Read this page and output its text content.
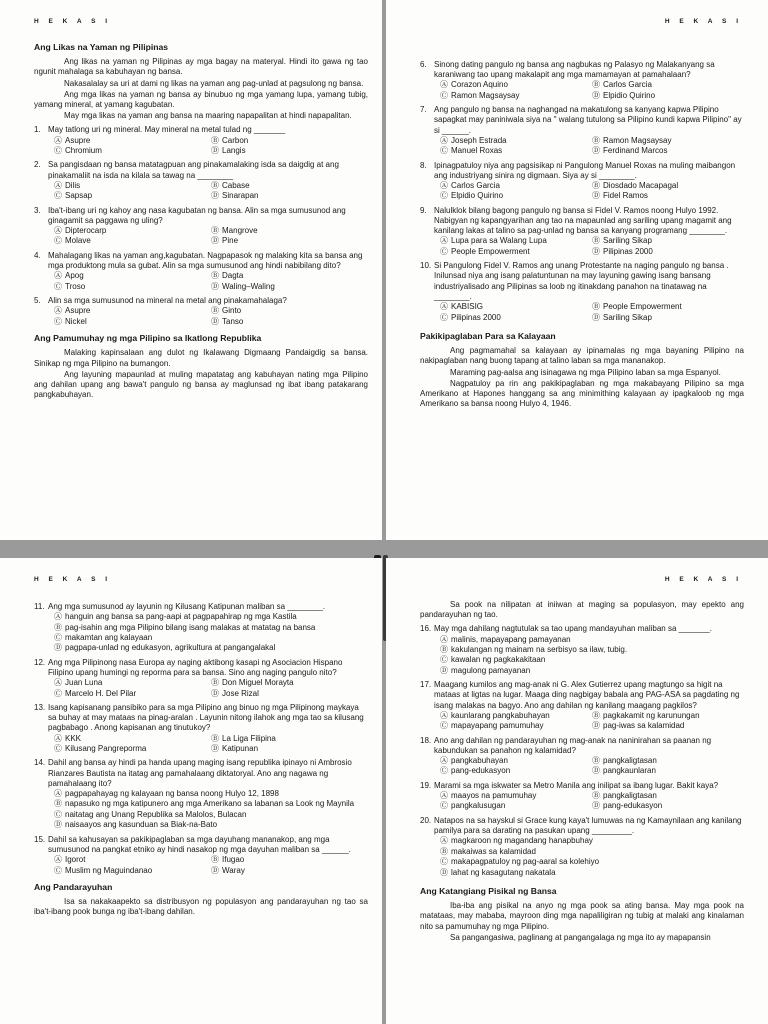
H E K A S I
Ang Likas na Yaman ng Pilipinas

Ang likas na yaman ng Pilipinas ay mga bagay na materyal. Hindi ito gawa ng tao ngunit mahalaga sa kabuhayan ng bansa.

Nakasalalay sa uri at dami ng likas na yaman ang pag-unlad at pagsulong ng bansa.

Ang mga likas na yaman ng bansa ay binubuo ng mga yamang lupa, yamang tubig, yamang mineral, at yamang kagubatan.

May mga likas na yaman ang bansa na maaring napapalitan at hindi napapalitan.

1. May tatlong uri ng mineral. May mineral na metal tulad ng _______
Ⓐ Asupre	Ⓑ Carbon
Ⓒ Chromium	Ⓓ Langis
2. Sa pangisdaan ng bansa matatagpuan ang pinakamalaking isda sa daigdig at ang pinakamaliit na isda na kilala sa tawag na ________
Ⓐ Dilis	Ⓑ Cabase
Ⓒ Sapsap	Ⓓ Sinarapan
3. Iba't-ibang uri ng kahoy ang nasa kagubatan ng bansa. Alin sa mga sumusunod ang ginagamit sa paggawa ng uling?
Ⓐ Dipterocarp	Ⓑ Mangrove
Ⓒ Molave	Ⓓ Pine
4. Mahalagang likas na yaman ang,kagubatan. Nagpapasok ng malaking kita sa bansa ang mga produktong mula sa gubat. Alin sa mga sumusunod ang hindi nabibilang dito?
Ⓐ Apog	Ⓑ Dagta
Ⓒ Troso	Ⓓ Waling–Waling
5. Alin sa mga sumusunod na mineral na metal ang pinakamahalaga?
Ⓐ Asupre	Ⓑ Ginto
Ⓒ Nickel	Ⓓ Tanso
Ang Pamumuhay ng mga Pilipino sa Ikatlong Republika

Malaking kapinsalaan ang dulot ng Ikalawang Digmaang Pandaigdig sa bansa. Sinikap ng mga Pilipino na bumangon.

Ang layuning mapaunlad at muling mapatatag ang kabuhayan nating mga Pilipino ang dahilan upang ang bawa't pangulo ng bansa ay maglunsad ng ibat ibang patakarang pangkabuhayan.

H E K A S I
6. Sinong dating pangulo ng bansa ang nagbukas ng Palasyo ng Malakanyang sa karaniwang tao upang makalapit ang mga mamamayan at pamahalaan?
Ⓐ Corazon Aquino	Ⓑ Carlos Garcia
Ⓒ Ramon Magsaysay	Ⓓ Elpidio Quirino
7. Ang pangulo ng bansa na naghangad na makatulong sa kanyang kapwa Pilipino sapagkat may paniniwala siya na " walang tutulong sa Pilipino kundi kapwa Pilipino" ay si ______.
Ⓐ Joseph Estrada	Ⓑ Ramon Magsaysay
Ⓒ Manuel Roxas	Ⓓ Ferdinand Marcos
8. Ipinagpatuloy niya ang pagsisikap ni Pangulong Manuel Roxas na muling maibangon ang industriyang sinira ng digmaan. Siya ay si ________.
Ⓐ Carlos Garcia	Ⓑ Diosdado Macapagal
Ⓒ Elpidio Quirino	Ⓓ Fidel Ramos
9. Nalulklok bilang bagong pangulo ng bansa si Fidel V. Ramos noong Hulyo 1992. Nabigyan ng kapangyarihan ang tao na mapaunlad ang sariling upang magamit ang kanilang lakas at talino sa pag-unlad ng bansa sa kanyang programang ________.
Ⓐ Lupa para sa Walang Lupa	Ⓑ Sariling Sikap
Ⓒ People Empowerment	Ⓓ Pilipinas 2000
10. Si Pangulong Fidel V. Ramos ang unang Protestante na naging pangulo ng bansa . Inilunsad niya ang isang palatuntunan na may layuning gawing isang bansang industriyalisado ang Pilipinas sa loob ng itinakdang panahon na tinatawag na ________.
Ⓐ KABISIG	Ⓑ People Empowerment
Ⓒ Pilipinas 2000	Ⓓ Sariling Sikap
Pakikipaglaban Para sa Kalayaan

Ang pagmamahal sa kalayaan ay ipinamalas ng mga bayaning Pilipino na nakipaglaban nang buong tapang at talino laban sa mga mananakop.

Maraming pag-aalsa ang isinagawa ng mga Pilipino laban sa mga Espanyol.

Nagpatuloy pa rin ang pakikipaglaban ng mga makabayang Pilipino sa mga Amerikano at Hapones hanggang sa ang minimithing kalayaan ay ipagkaloob ng mga Amerikano sa bansa noong Hulyo 4, 1946.

H E K A S I
11. Ang mga sumusunod ay layunin ng Kilusang Katipunan maliban sa ________.
Ⓐ hanguin ang bansa sa pang-aapi at pagpapahirap ng mga Kastila
Ⓑ pag-isahin ang mga Pilipino bilang isang malakas at matatag na bansa
Ⓒ makamtan ang kalayaan
Ⓓ pagpapa-unlad ng edukasyon, agrikultura at pangangalakal
12. Ang mga Pilipinong nasa Europa ay naging aktibong kasapi ng Asociacion Hispano Filipino upang humingi ng reporma para sa bansa. Sino ang naging pangulo nito?
Ⓐ Juan Luna	Ⓑ Don Miguel Morayta
Ⓒ Marcelo H. Del Pilar	Ⓓ Jose Rizal
13. Isang kapisanang pansibiko para sa mga Pilipino ang binuo ng mga Pilipinong maykaya sa buhay at may mataas na pinag-aralan . Layunin nitong ilahok ang mga tao sa kilusang pagbabago . Anong kapisanan ang tinutukoy?
Ⓐ KKK	Ⓑ La Liga Filipina
Ⓒ Kilusang Pangreporma	Ⓓ Katipunan
14. Dahil ang bansa ay hindi pa handa upang maging isang republika ipinayo ni Ambrosio Rianzares Bautista na itatag ang pamahalaang diktatoryal. Ano ang nagawa ng pamahalaang ito?
Ⓐ pagpapahayag ng kalayaan ng bansa noong Hulyo 12, 1898
Ⓑ napasuko ng mga katipunero ang mga Amerikano sa labanan sa Look ng Maynila
Ⓒ naitatag ang Unang Republika sa Malolos, Bulacan
Ⓓ naisaayos ang kasunduan sa Biak-na-Bato
15. Dahil sa kahusayan sa pakikipaglaban sa mga dayuhang mananakop, ang mga sumusunod na pangkat etniko ay hindi nasakop ng mga dayuhan maliban sa ______.
Ⓐ Igorot	Ⓑ Ifugao
Ⓒ Muslim ng Maguindanao	Ⓓ Waray
Ang Pandarayuhan

Isa sa nakakaapekto sa distribusyon ng populasyon ang pandarayuhan ng tao sa iba't-ibang pook bunga ng iba't-ibang dahilan.

H E K A S I

Sa pook na nilipatan at iniiwan at maging sa populasyon, may epekto ang pandarayuhan ng tao.

16. May mga dahilang nagtutulak sa tao upang mandayuhan maliban sa _______.
Ⓐ malinis, mapayapang pamayanan
Ⓑ kakulangan ng mainam na serbisyo sa ilaw, tubig.
Ⓒ kawalan ng pagkakakitaan
Ⓓ magulong pamayanan
17. Maagang kumilos ang mag-anak ni G. Alex Gutierrez upang magtungo sa higit na mataas at ligtas na lugar. Maaga ding nagbigay babala ang PAG-ASA sa pagdating ng isang malakas na bagyo. Ano ang dahilan ng kanilang maagang pagkilos?
Ⓐ kaunlarang pangkabuhayan	Ⓑ pagkakamit ng karunungan
Ⓒ mapayapang pamumuhay	Ⓓ pag-iwas sa kalamidad
18. Ano ang dahilan ng pandarayuhan ng mag-anak na naninirahan sa paanan ng kabundukan sa panahon ng kalamidad?
Ⓐ pangkabuhayan	Ⓑ pangkaligtasan
Ⓒ pang-edukasyon	Ⓓ pangkaunlaran
19. Marami sa mga iskwater sa Metro Manila ang inilipat sa ibang lugar. Bakit kaya?
Ⓐ maayos na pamumuhay	Ⓑ pangkaligtasan
Ⓒ pangkalusugan	Ⓓ pang-edukasyon
20. Natapos na sa hayskul si Grace kung kaya't lumuwas na ng Kamaynilaan ang kanilang pamilya para sa darating na pasukan upang _________.
Ⓐ magkaroon ng magandang hanapbuhay
Ⓑ makaiwas sa kalamidad
Ⓒ makapagpatuloy ng pag-aaral sa kolehiyo
Ⓓ lahat ng kasagutang nakatala
Ang Katangiang Pisikal ng Bansa

Iba-iba ang pisikal na anyo ng mga pook sa ating bansa. May mga pook na matataas, may mababa, mayroon ding mga napaliligiran ng tubig at malaki ang kinalaman nito sa pamumuhay ng mga Pilipino.

Sa pangangasiwa, paglinang at pangangalaga ng mga ito ay mapapansin
